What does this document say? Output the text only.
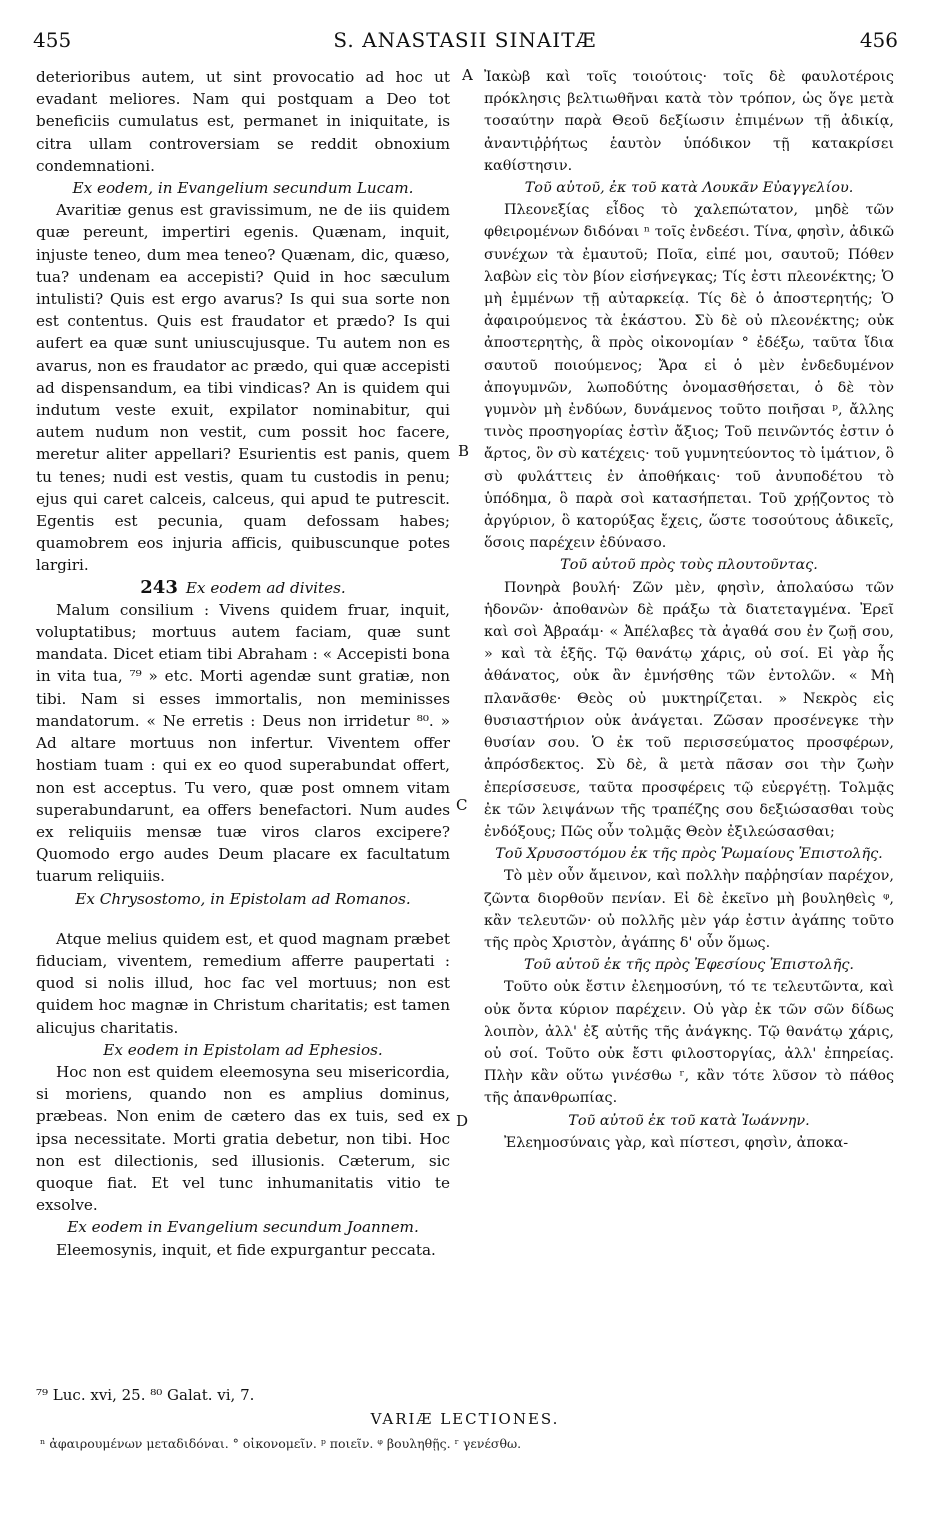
455	S. ANASTASII SINAITÆ	456

deterioribus autem, ut sint provocatio ad hoc ut evadant meliores. Nam qui postquam a Deo tot beneficiis cumulatus est, permanet in iniquitate, is citra ullam controversiam se reddit obnoxium condemnationi.

Ex eodem, in Evangelium secundum Lucam.

Avaritiæ genus est gravissimum, ne de iis quidem quæ pereunt, impertiri egenis. Quænam, inquit, injuste teneo, dum mea teneo? Quænam, dic, quæso, tua? undenam ea accepisti? Quid in hoc sæculum intulisti? Quis est ergo avarus? Is qui sua sorte non est contentus. Quis est fraudator et prædo? Is qui aufert ea quæ sunt uniuscujusque. Tu autem non es avarus, non es fraudator ac prædo, qui quæ accepisti ad dispensandum, ea tibi vindicas? An is quidem qui indutum veste exuit, expilator nominabitur, qui autem nudum non vestit, cum possit hoc facere, meretur aliter appellari? Esurientis est panis, quem tu tenes; nudi est vestis, quam tu custodis in penu; ejus qui caret calceis, calceus, qui apud te putrescit. Egentis est pecunia, quam defossam habes; quamobrem eos injuria afficis, quibuscunque potes largiri.

243 Ex eodem ad divites.

Malum consilium : Vivens quidem fruar, inquit, voluptatibus; mortuus autem faciam, quæ sunt mandata. Dicet etiam tibi Abraham : « Accepisti bona in vita tua, ⁷⁹ » etc. Morti agendæ sunt gratiæ, non tibi. Nam si esses immortalis, non meminisses mandatorum. « Ne erretis : Deus non irridetur ⁸⁰. » Ad altare mortuus non infertur. Viventem offer hostiam tuam : qui ex eo quod superabundat offert, non est acceptus. Tu vero, quæ post omnem vitam superabundarunt, ea offers benefactori. Num audes ex reliquiis mensæ tuæ viros claros excipere? Quomodo ergo audes Deum placare ex facultatum tuarum reliquiis.

Ex Chrysostomo, in Epistolam ad Romanos.

Atque melius quidem est, et quod magnam præbet fiduciam, viventem, remedium afferre paupertati : quod si nolis illud, hoc fac vel mortuus; non est quidem hoc magnæ in Christum charitatis; est tamen alicujus charitatis.

Ex eodem in Epistolam ad Ephesios.

Hoc non est quidem eleemosyna seu misericordia, si moriens, quando non es amplius dominus, præbeas. Non enim de cætero das ex tuis, sed ex ipsa necessitate. Morti gratia debetur, non tibi. Hoc non est dilectionis, sed illusionis. Cæterum, sic quoque fiat. Et vel tunc inhumanitatis vitio te exsolve.

Ex eodem in Evangelium secundum Joannem.

Eleemosynis, inquit, et fide expurgantur peccata.

Ἰακὼβ καὶ τοῖς τοιούτοις· τοῖς δὲ φαυλοτέροις πρόκλησις βελτιωθῆναι κατὰ τὸν τρόπον, ὡς ὅγε μετὰ τοσαύτην παρὰ Θεοῦ δεξίωσιν ἐπιμένων τῇ ἀδικίᾳ, ἀναντιῤῥήτως ἑαυτὸν ὑπόδικον τῇ κατακρίσει καθίστησιν.

Τοῦ αὐτοῦ, ἐκ τοῦ κατὰ Λουκᾶν Εὐαγγελίου.

Πλεονεξίας εἶδος τὸ χαλεπώτατον, μηδὲ τῶν φθειρομένων διδόναι ⁿ τοῖς ἐνδεέσι. Τίνα, φησὶν, ἀδικῶ συνέχων τὰ ἐμαυτοῦ; Ποῖα, εἰπέ μοι, σαυτοῦ; Πόθεν λαβὼν εἰς τὸν βίον εἰσήνεγκας; Τίς ἐστι πλεονέκτης; Ὁ μὴ ἐμμένων τῇ αὐταρκείᾳ. Τίς δὲ ὁ ἀποστερητής; Ὁ ἀφαιρούμενος τὰ ἑκάστου. Σὺ δὲ οὐ πλεονέκτης; οὐκ ἀποστερητὴς, ἃ πρὸς οἰκονομίαν ° ἐδέξω, ταῦτα ἴδια σαυτοῦ ποιούμενος; Ἄρα εἰ ὁ μὲν ἐνδεδυμένον ἀπογυμνῶν, λωποδύτης ὀνομασθήσεται, ὁ δὲ τὸν γυμνὸν μὴ ἐνδύων, δυνάμενος τοῦτο ποιῆσαι ᵖ, ἄλλης τινὸς προσηγορίας ἐστὶν ἄξιος; Τοῦ πεινῶντός ἐστιν ὁ ἄρτος, ὃν σὺ κατέχεις· τοῦ γυμνητεύοντος τὸ ἱμάτιον, ὃ σὺ φυλάττεις ἐν ἀποθήκαις· τοῦ ἀνυποδέτου τὸ ὑπόδημα, ὃ παρὰ σοὶ κατασήπεται. Τοῦ χρῄζοντος τὸ ἀργύριον, ὃ κατορύξας ἔχεις, ὥστε τοσούτους ἀδικεῖς, ὅσοις παρέχειν ἐδύνασο.

Τοῦ αὐτοῦ πρὸς τοὺς πλουτοῦντας.

Πονηρὰ βουλή· Ζῶν μὲν, φησὶν, ἀπολαύσω τῶν ἡδονῶν· ἀποθανὼν δὲ πράξω τὰ διατεταγμένα. Ἐρεῖ καὶ σοὶ Ἀβραάμ· « Ἀπέλαβες τὰ ἀγαθά σου ἐν ζωῇ σου, » καὶ τὰ ἑξῆς. Τῷ θανάτῳ χάρις, οὐ σοί. Εἰ γὰρ ἧς ἀθάνατος, οὐκ ἂν ἐμνήσθης τῶν ἐντολῶν. « Μὴ πλανᾶσθε· Θεὸς οὐ μυκτηρίζεται. » Νεκρὸς εἰς θυσιαστήριον οὐκ ἀνάγεται. Ζῶσαν προσένεγκε τὴν θυσίαν σου. Ὁ ἐκ τοῦ περισσεύματος προσφέρων, ἀπρόσδεκτος. Σὺ δὲ, ἃ μετὰ πᾶσαν σοι τὴν ζωὴν ἐπερίσσευσε, ταῦτα προσφέρεις τῷ εὐεργέτῃ. Τολμᾷς ἐκ τῶν λειψάνων τῆς τραπέζης σου δεξιώσασθαι τοὺς ἐνδόξους; Πῶς οὖν τολμᾷς Θεὸν ἐξιλεώσασθαι;

Τοῦ Χρυσοστόμου ἐκ τῆς πρὸς Ῥωμαίους Ἐπιστολῆς.

Τὸ μὲν οὖν ἄμεινον, καὶ πολλὴν παῤῥησίαν παρέχον, ζῶντα διορθοῦν πενίαν. Εἰ δὲ ἐκεῖνο μὴ βουληθεὶς ᵠ, κἂν τελευτῶν· οὐ πολλῆς μὲν γάρ ἐστιν ἀγάπης τοῦτο τῆς πρὸς Χριστὸν, ἀγάπης δ' οὖν ὅμως.

Τοῦ αὐτοῦ ἐκ τῆς πρὸς Ἐφεσίους Ἐπιστολῆς.

Τοῦτο οὐκ ἔστιν ἐλεημοσύνη, τό τε τελευτῶντα, καὶ οὐκ ὄντα κύριον παρέχειν. Οὐ γὰρ ἐκ τῶν σῶν δίδως λοιπὸν, ἀλλ' ἐξ αὐτῆς τῆς ἀνάγκης. Τῷ θανάτῳ χάρις, οὐ σοί. Τοῦτο οὐκ ἔστι φιλοστοργίας, ἀλλ' ἐπηρείας. Πλὴν κἂν οὕτω γινέσθω ʳ, κἂν τότε λῦσον τὸ πάθος τῆς ἀπανθρωπίας.

Τοῦ αὐτοῦ ἐκ τοῦ κατὰ Ἰωάννην.

Ἐλεημοσύναις γὰρ, καὶ πίστεσι, φησὶν, ἀποκα-

A
B
C
D
⁷⁹ Luc. xvi, 25. ⁸⁰ Galat. vi, 7.
VARIÆ LECTIONES.
ⁿ ἀφαιρουμένων μεταδιδόναι. ° οἰκονομεῖν. ᵖ ποιεῖν. ᵠ βουληθῇς. ʳ γενέσθω.
